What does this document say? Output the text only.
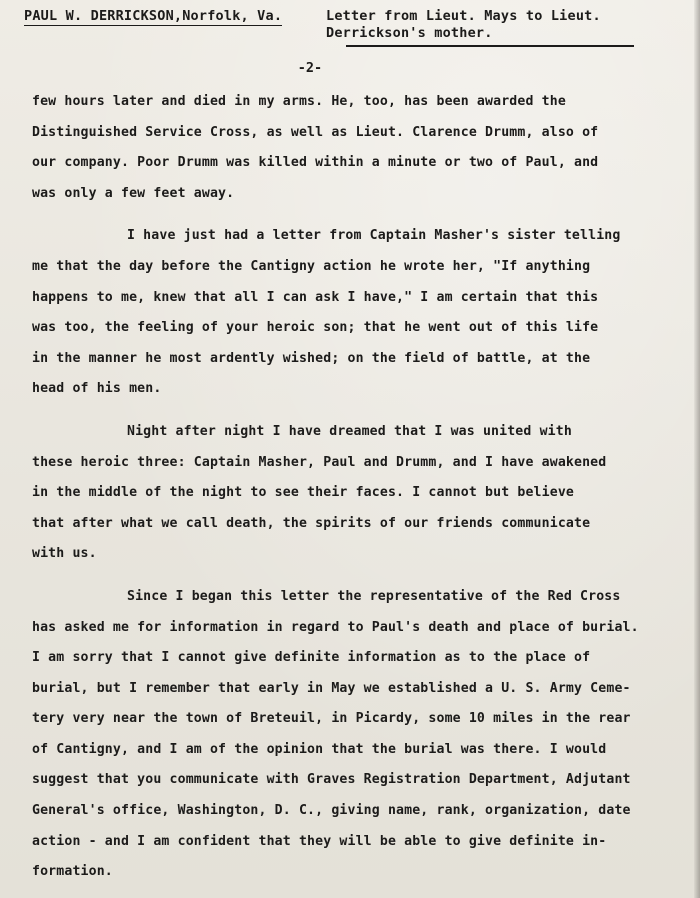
PAUL W. DERRICKSON,Norfolk, Va.	Letter from Lieut. Mays to Lieut.
Derrickson's mother.
-2-
few hours later and died in my arms. He, too, has been awarded the
Distinguished Service Cross, as well as Lieut. Clarence Drumm, also of
our company. Poor Drumm was killed within a minute or two of Paul, and
was only a few feet away.
I have just had a letter from Captain Masher's sister telling
me that the day before the Cantigny action he wrote her, "If anything
happens to me, knew that all I can ask I have," I am certain that this
was too, the feeling of your heroic son; that he went out of this life
in the manner he most ardently wished; on the field of battle, at the
head of his men.
Night after night I have dreamed that I was united with
these heroic three: Captain Masher, Paul and Drumm, and I have awakened
in the middle of the night to see their faces. I cannot but believe
that after what we call death, the spirits of our friends communicate
with us.
Since I began this letter the representative of the Red Cross
has asked me for information in regard to Paul's death and place of burial.
I am sorry that I cannot give definite information as to the place of
burial, but I remember that early in May we established a U. S. Army Ceme-
tery very near the town of Breteuil, in Picardy, some 10 miles in the rear
of Cantigny, and I am of the opinion that the burial was there. I would
suggest that you communicate with Graves Registration Department, Adjutant
General's office, Washington, D. C., giving name, rank, organization, date
action - and I am confident that they will be able to give definite in-
formation.
